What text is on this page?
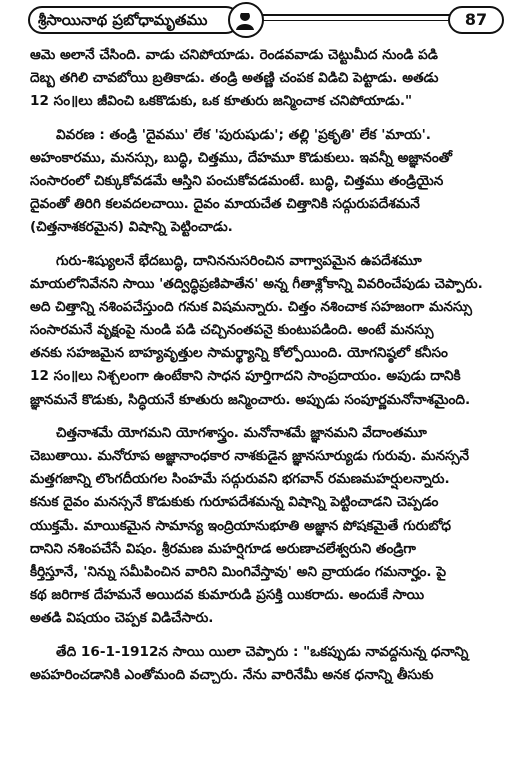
శ్రీసాయినాథ ప్రబోధామృతము	87
ఆమె అలానే చేసింది. వాడు చనిపోయాడు. రెండవవాడు చెట్టుమీద నుండి పడి
దెబ్బ తగిలి చావబోయి బ్రతికాడు. తండ్రి అతణ్ణి చంపక విడిచి పెట్టాడు. అతడు
12 సం॥లు జీవించి ఒకకొడుకు, ఒక కూతురు జన్మించాక చనిపోయాడు."
వివరణ : తండ్రి 'దైవము' లేక 'పురుషుడు'; తల్లి 'ప్రకృతి' లేక 'మాయ'.
అహంకారము, మనస్సు, బుద్ధి, చిత్తము, దేహమూ కొడుకులు. ఇవన్నీ అజ్ఞానంతో
సంసారంలో చిక్కుకోవడమే ఆస్తిని పంచుకోవడమంటే. బుద్ధి, చిత్తము తండ్రియైన
దైవంతో తిరిగి కలవదలచాయి. దైవం మాయచేత చిత్తానికి సద్గురుపదేశమనే
(చిత్తనాశకరమైన) విషాన్ని పెట్టించాడు.
గురు-శిష్యులనే భేదబుద్ధి, దానిననుసరించిన వాగ్వాపమైన ఉపదేశమూ
మాయలోనివేనని సాయి 'తద్విద్ధిప్రణిపాతేన' అన్న గీతాశ్లోకాన్ని వివరించేపుడు చెప్పారు.
అది చిత్తాన్ని నశింపచేస్తుంది గనుక విషమన్నారు. చిత్తం నశించాక సహజంగా మనస్సు
సంసారమనే వృక్షంపై నుండి పడి చచ్చినంతపనై కుంటుపడింది. అంటే మనస్సు
తనకు సహజమైన బాహ్యవృత్తుల సామర్థ్యాన్ని కోల్పోయింది. యోగనిష్ఠలో కనీసం
12 సం॥లు నిశ్చలంగా ఉంటేకాని సాధన పూర్తిగాదని సాంప్రదాయం. అపుడు దానికి
జ్ఞానమనే కొడుకు, సిద్ధియనే కూతురు జన్మించారు. అప్పుడు సంపూర్ణమనోనాశమైంది.
చిత్తనాశమే యోగమని యోగశాస్త్రం. మనోనాశమే జ్ఞానమని వేదాంతమూ
చెబుతాయి. మనోరూప అజ్ఞానాంధకార నాశకుడైన జ్ఞానసూర్యుడు గురువు. మనస్సనే
మత్తగజాన్ని లొంగదీయగల సింహమే సద్గురువని భగవాన్ రమణమహర్షులన్నారు.
కనుక దైవం మనస్సనే కొడుకుకు గురూపదేశమన్న విషాన్ని పెట్టించాడని చెప్పడం
యుక్తమే. మాయికమైన సామాన్య ఇంద్రియానుభూతి అజ్ఞాన పోషకమైతే గురుబోధ
దానిని నశింపచేసే విషం. శ్రీరమణ మహర్షిగూడ అరుణాచలేశ్వరుని తండ్రిగా
కీర్తిస్తూనే, 'నిన్ను సమీపించిన వారిని మింగివేస్తావు' అని వ్రాయడం గమనార్హం. పై
కథ జరిగాక దేహమనే అయిదవ కుమారుడి ప్రసక్తి యికరాదు. అందుకే సాయి
అతడి విషయం చెప్పక విడిచేసారు.
తేది 16-1-1912న సాయి యిలా చెప్పారు : "ఒకప్పుడు నావద్దనున్న ధనాన్ని
అపహరించడానికి ఎంతోమంది వచ్చారు. నేను వారినేమీ అనక ధనాన్ని తీసుకు
